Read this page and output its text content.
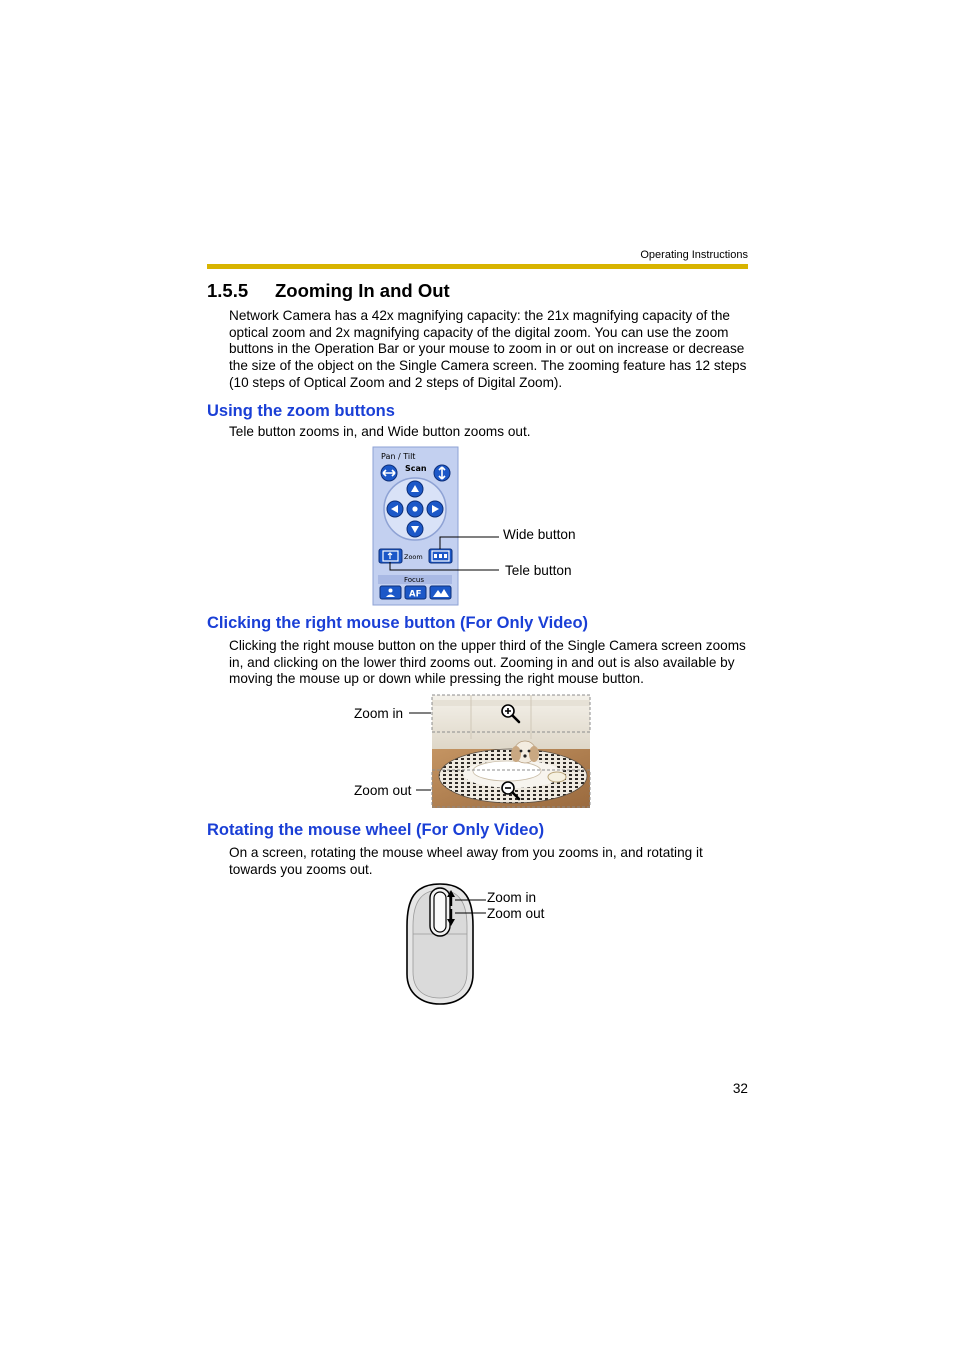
Operating Instructions
1.5.5 Zooming In and Out
Network Camera has a 42x magnifying capacity: the 21x magnifying capacity of the optical zoom and 2x magnifying capacity of the digital zoom. You can use the zoom buttons in the Operation Bar or your mouse to zoom in or out on increase or decrease the size of the object on the Single Camera screen. The zooming feature has 12 steps (10 steps of Optical Zoom and 2 steps of Digital Zoom).
Using the zoom buttons
Tele button zooms in, and Wide button zooms out.
Pan / Tilt
Scan
Zoom
Focus
AF
Wide button
Tele button
Clicking the right mouse button (For Only Video)
Clicking the right mouse button on the upper third of the Single Camera screen zooms in, and clicking on the lower third zooms out. Zooming in and out is also available by moving the mouse up or down while pressing the right mouse button.
Zoom in
Zoom out
Rotating the mouse wheel (For Only Video)
On a screen, rotating the mouse wheel away from you zooms in, and rotating it towards you zooms out.
Zoom in
Zoom out
32
